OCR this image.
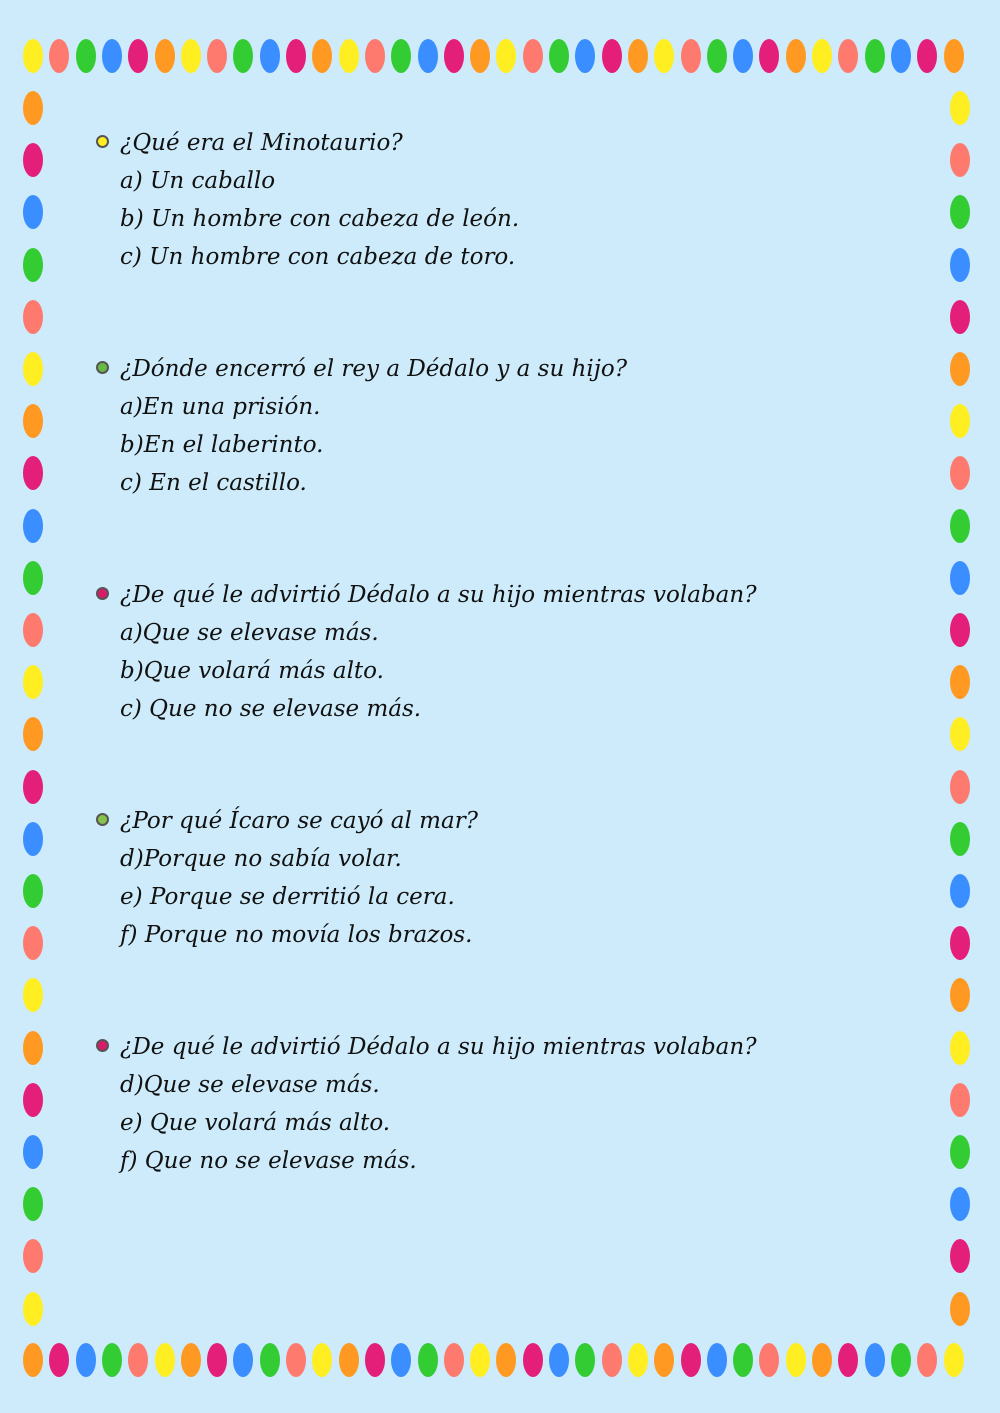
¿Qué era el Minotaurio?
a) Un caballo
b) Un hombre con cabeza de león.
c) Un hombre con cabeza de toro.
¿Dónde encerró el rey a Dédalo y a su hijo?
a)En una prisión.
b)En el laberinto.
c) En el castillo.
¿De qué le advirtió Dédalo a su hijo mientras volaban?
a)Que se elevase más.
b)Que volará más alto.
c) Que no se elevase más.
¿Por qué Ícaro se cayó al mar?
d)Porque no sabía volar.
e) Porque se derritió la cera.
f) Porque no movía los brazos.
¿De qué le advirtió Dédalo a su hijo mientras volaban?
d)Que se elevase más.
e) Que volará más alto.
f) Que no se elevase más.
